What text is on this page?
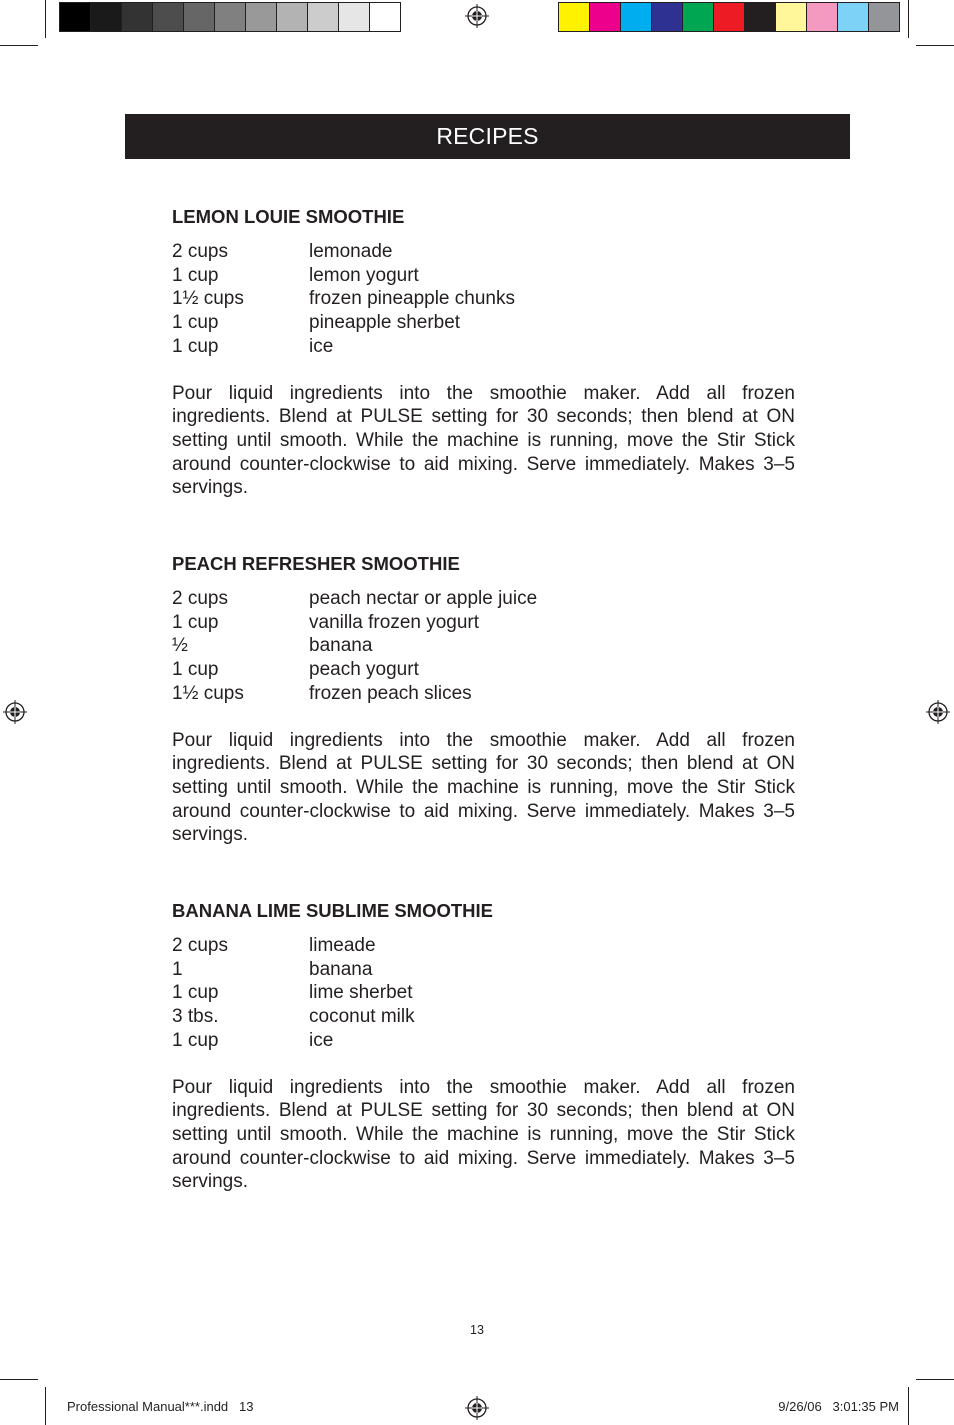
RECIPES
LEMON LOUIE SMOOTHIE
2 cups	lemonade
1 cup	lemon yogurt
1½ cups	frozen pineapple chunks
1 cup	pineapple sherbet
1 cup	ice

Pour liquid ingredients into the smoothie maker. Add all frozen ingredients. Blend at PULSE setting for 30 seconds; then blend at ON setting until smooth. While the machine is running, move the Stir Stick around counter-clockwise to aid mixing. Serve immediately. Makes 3–5 servings.

PEACH REFRESHER SMOOTHIE
2 cups	peach nectar or apple juice
1 cup	vanilla frozen yogurt
½	banana
1 cup	peach yogurt
1½ cups	frozen peach slices

Pour liquid ingredients into the smoothie maker. Add all frozen ingredients. Blend at PULSE setting for 30 seconds; then blend at ON setting until smooth. While the machine is running, move the Stir Stick around counter-clockwise to aid mixing. Serve immediately. Makes 3–5 servings.

BANANA LIME SUBLIME SMOOTHIE
2 cups	limeade
1	banana
1 cup	lime sherbet
3 tbs.	coconut milk
1 cup	ice

Pour liquid ingredients into the smoothie maker. Add all frozen ingredients. Blend at PULSE setting for 30 seconds; then blend at ON setting until smooth. While the machine is running, move the Stir Stick around counter-clockwise to aid mixing. Serve immediately. Makes 3–5 servings.

13
Professional Manual***.indd   13	9/26/06   3:01:35 PM
